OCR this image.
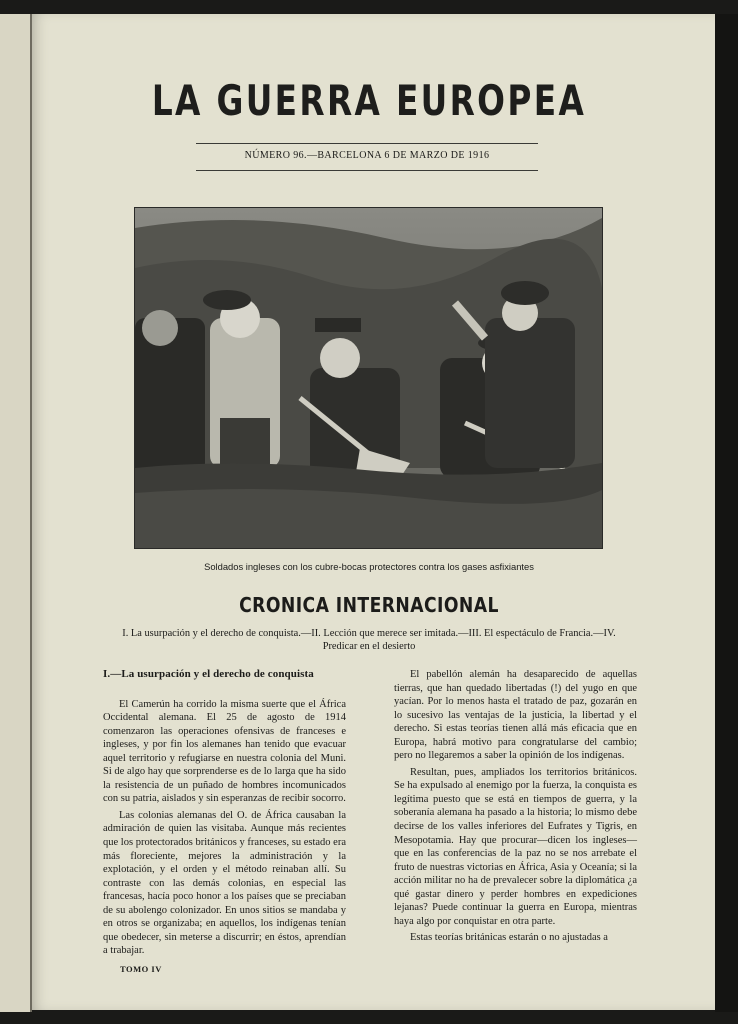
LA GUERRA EUROPEA
NÚMERO 96.—BARCELONA 6 DE MARZO DE 1916
Soldados ingleses con los cubre-bocas protectores contra los gases asfixiantes
CRONICA INTERNACIONAL
I. La usurpación y el derecho de conquista.—II. Lección que merece ser imitada.—III. El espectáculo de Francia.—IV.
Predicar en el desierto
I.—La usurpación y el derecho de conquista

El Camerún ha corrido la misma suerte que el África Occidental alemana. El 25 de agosto de 1914 comenzaron las operaciones ofensivas de franceses e ingleses, y por fin los alemanes han tenido que evacuar aquel territorio y refugiarse en nuestra colonia del Muni. Si de algo hay que sorprenderse es de lo larga que ha sido la resistencia de un puñado de hombres incomunicados con su patria, aislados y sin esperanzas de recibir socorro.

Las colonias alemanas del O. de África causaban la admiración de quien las visitaba. Aunque más recientes que los protectorados británicos y franceses, su estado era más floreciente, mejores la administración y la explotación, y el orden y el método reinaban allí. Su contraste con las demás colonias, en especial las francesas, hacía poco honor a los países que se preciaban de su abolengo colonizador. En unos sitios se mandaba y en otros se organizaba; en aquellos, los indígenas tenían que obedecer, sin meterse a discurrir; en éstos, aprendían a trabajar.

El pabellón alemán ha desaparecido de aquellas tierras, que han quedado libertadas (!) del yugo en que yacían. Por lo menos hasta el tratado de paz, gozarán en lo sucesivo las ventajas de la justicia, la libertad y el derecho. Si estas teorías tienen allá más eficacia que en Europa, habrá motivo para congratularse del cambio; pero no llegaremos a saber la opinión de los indígenas.

Resultan, pues, ampliados los territorios británicos. Se ha expulsado al enemigo por la fuerza, la conquista es legítima puesto que se está en tiempos de guerra, y la soberanía alemana ha pasado a la historia; lo mismo debe decirse de los valles inferiores del Eufrates y Tigris, en Mesopotamia. Hay que procurar—dicen los ingleses—que en las conferencias de la paz no se nos arrebate el fruto de nuestras victorias en África, Asia y Oceanía; si la acción militar no ha de prevalecer sobre la diplomática ¿a qué gastar dinero y perder hombres en expediciones lejanas? Puede continuar la guerra en Europa, mientras haya algo por conquistar en otra parte.

Estas teorías británicas estarán o no ajustadas a

TOMO IV
